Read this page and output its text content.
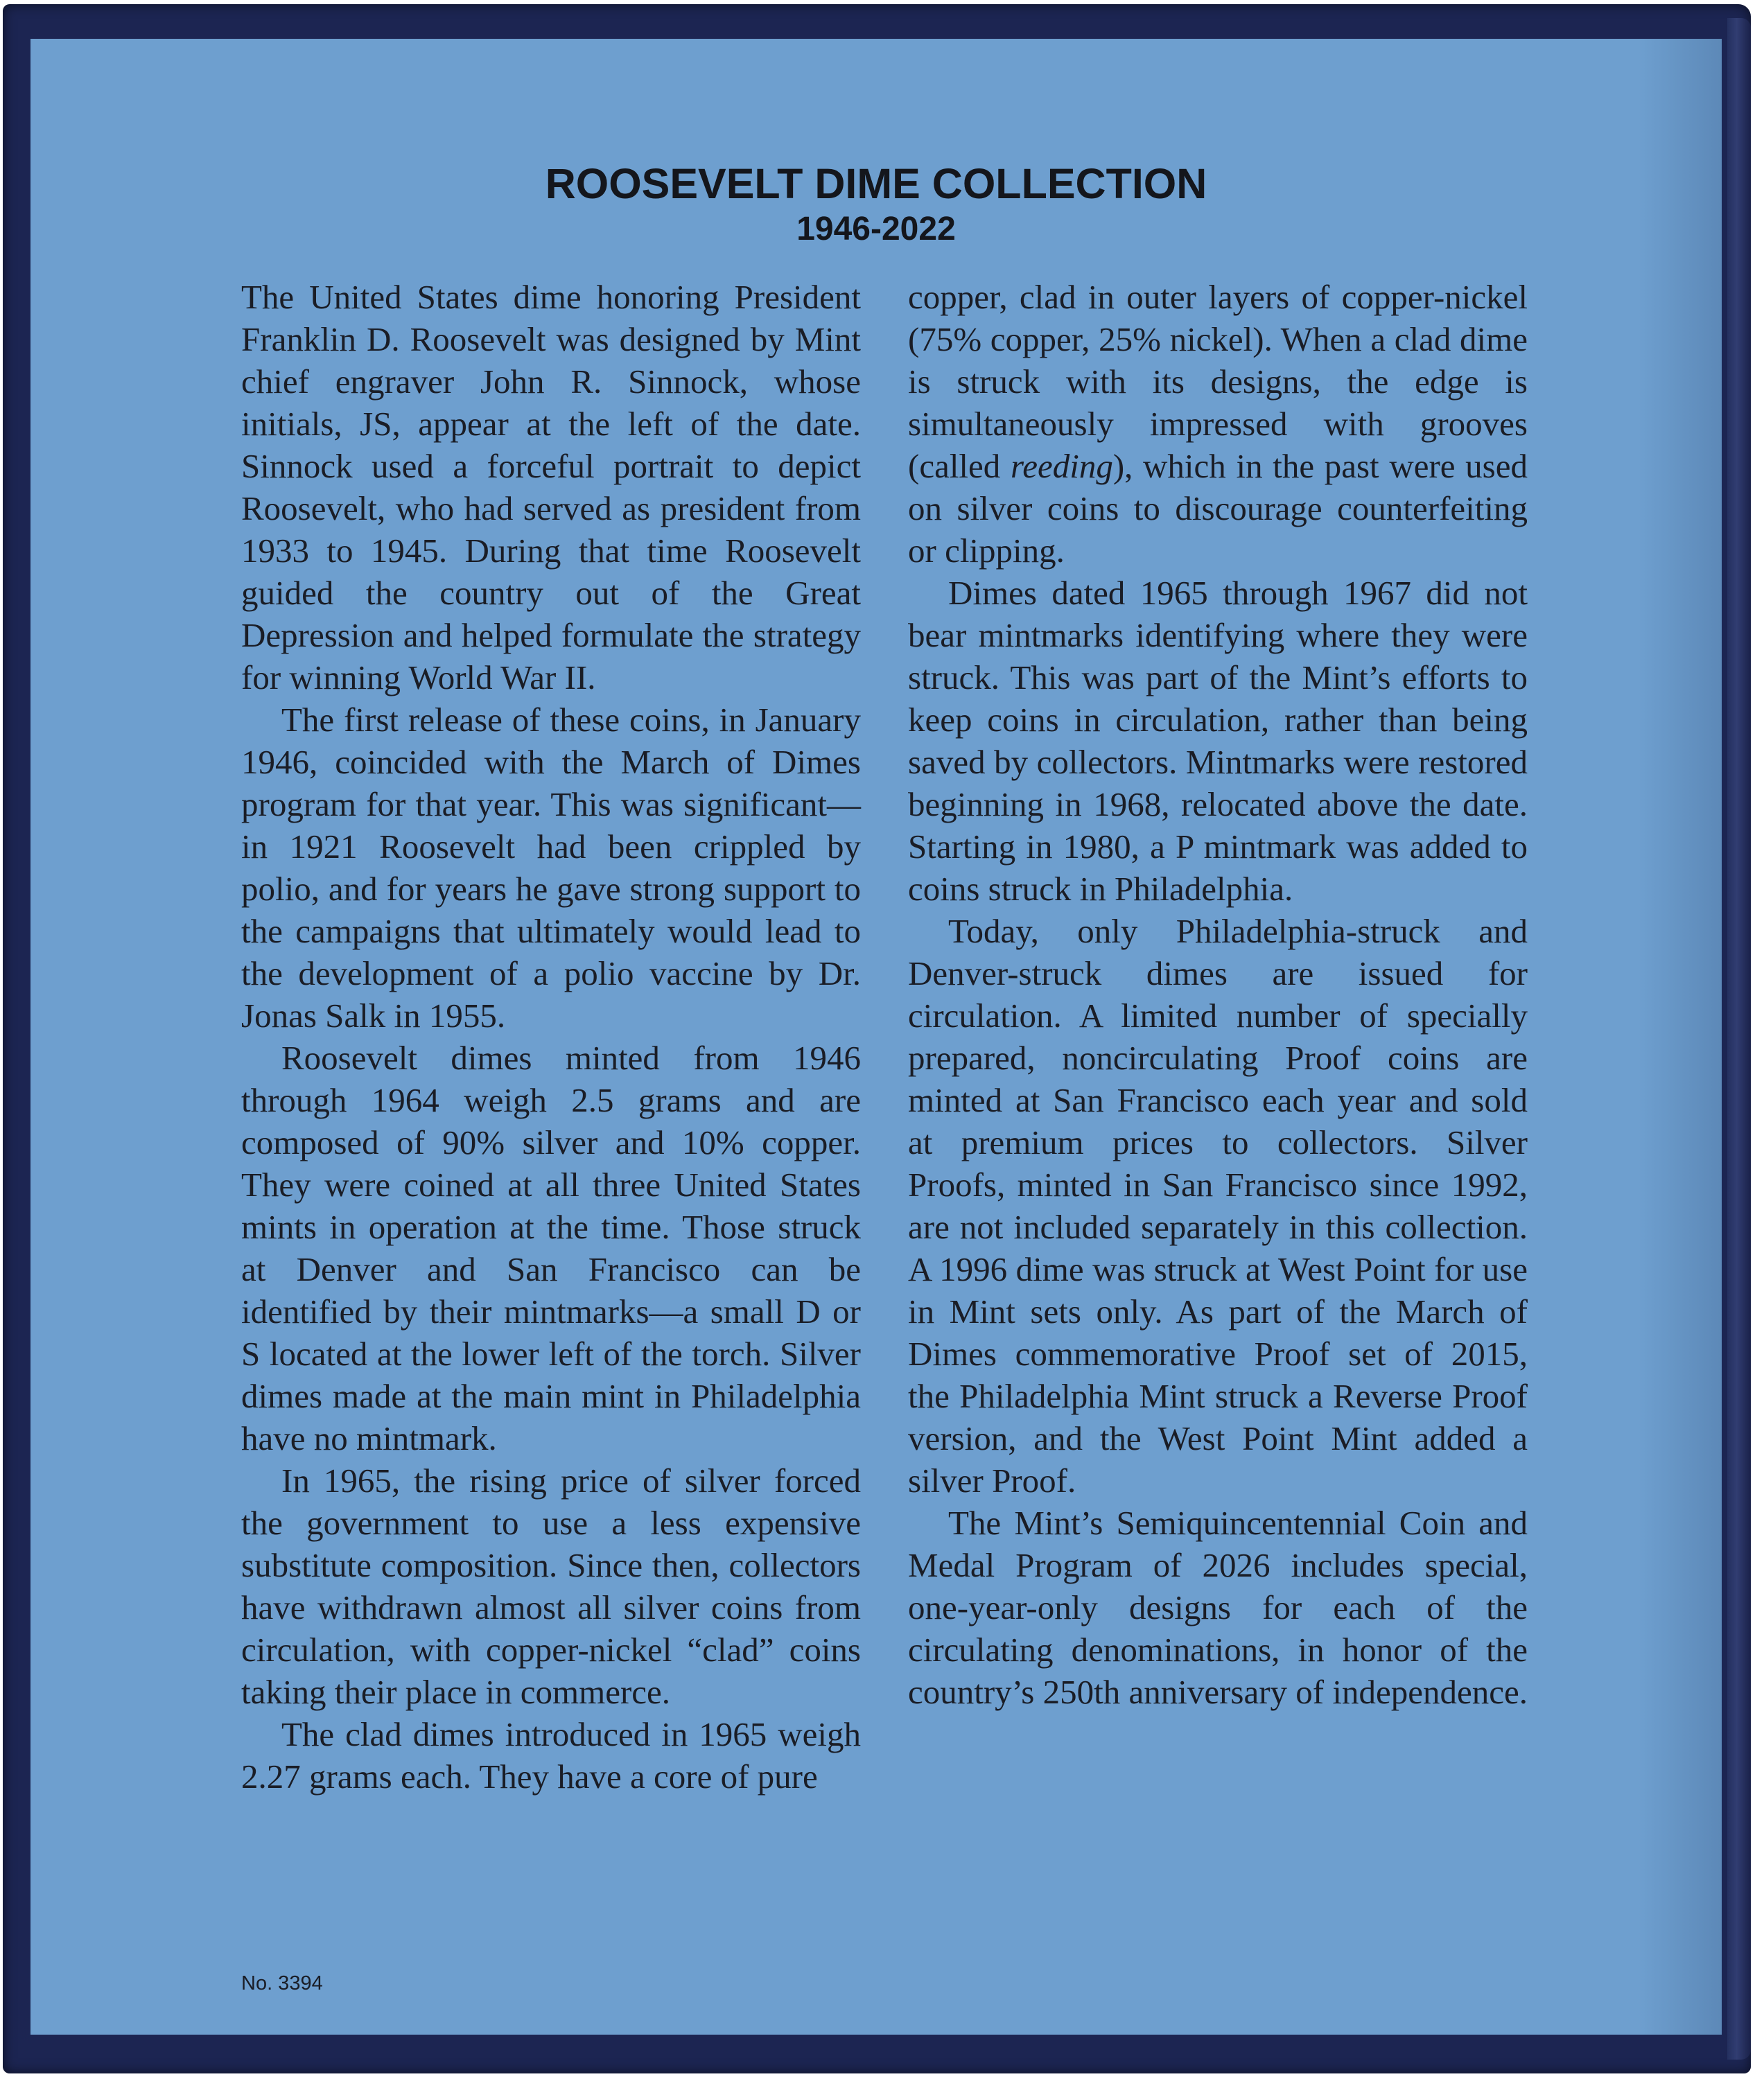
ROOSEVELT DIME COLLECTION
1946-2022

The United States dime honoring President Franklin D. Roosevelt was designed by Mint chief engraver John R. Sinnock, whose initials, JS, appear at the left of the date. Sinnock used a forceful portrait to depict Roosevelt, who had served as president from 1933 to 1945. During that time Roosevelt guided the country out of the Great Depression and helped formulate the strategy for winning World War II.

The first release of these coins, in January 1946, coincided with the March of Dimes program for that year. This was significant—in 1921 Roosevelt had been crippled by polio, and for years he gave strong support to the campaigns that ultimately would lead to the development of a polio vaccine by Dr. Jonas Salk in 1955.

Roosevelt dimes minted from 1946 through 1964 weigh 2.5 grams and are composed of 90% silver and 10% copper. They were coined at all three United States mints in operation at the time. Those struck at Denver and San Francisco can be identified by their mintmarks—a small D or S located at the lower left of the torch. Silver dimes made at the main mint in Philadelphia have no mintmark.

In 1965, the rising price of silver forced the government to use a less expensive substitute composition. Since then, collectors have withdrawn almost all silver coins from circulation, with copper-nickel “clad” coins taking their place in commerce.

The clad dimes introduced in 1965 weigh 2.27 grams each. They have a core of pure

copper, clad in outer layers of copper-nickel (75% copper, 25% nickel). When a clad dime is struck with its designs, the edge is simultaneously impressed with grooves (called reeding), which in the past were used on silver coins to discourage counterfeiting or clipping.

Dimes dated 1965 through 1967 did not bear mintmarks identifying where they were struck. This was part of the Mint’s efforts to keep coins in circulation, rather than being saved by collectors. Mintmarks were restored beginning in 1968, relocated above the date. Starting in 1980, a P mintmark was added to coins struck in Philadelphia.

Today, only Philadelphia-struck and Denver-struck dimes are issued for circulation. A limited number of specially prepared, noncirculating Proof coins are minted at San Francisco each year and sold at premium prices to collectors. Silver Proofs, minted in San Francisco since 1992, are not included separately in this collection. A 1996 dime was struck at West Point for use in Mint sets only. As part of the March of Dimes commemorative Proof set of 2015, the Philadelphia Mint struck a Reverse Proof version, and the West Point Mint added a silver Proof.

The Mint’s Semiquincentennial Coin and Medal Program of 2026 includes special, one-year-only designs for each of the circulating denominations, in honor of the country’s 250th anniversary of independence.

No. 3394
